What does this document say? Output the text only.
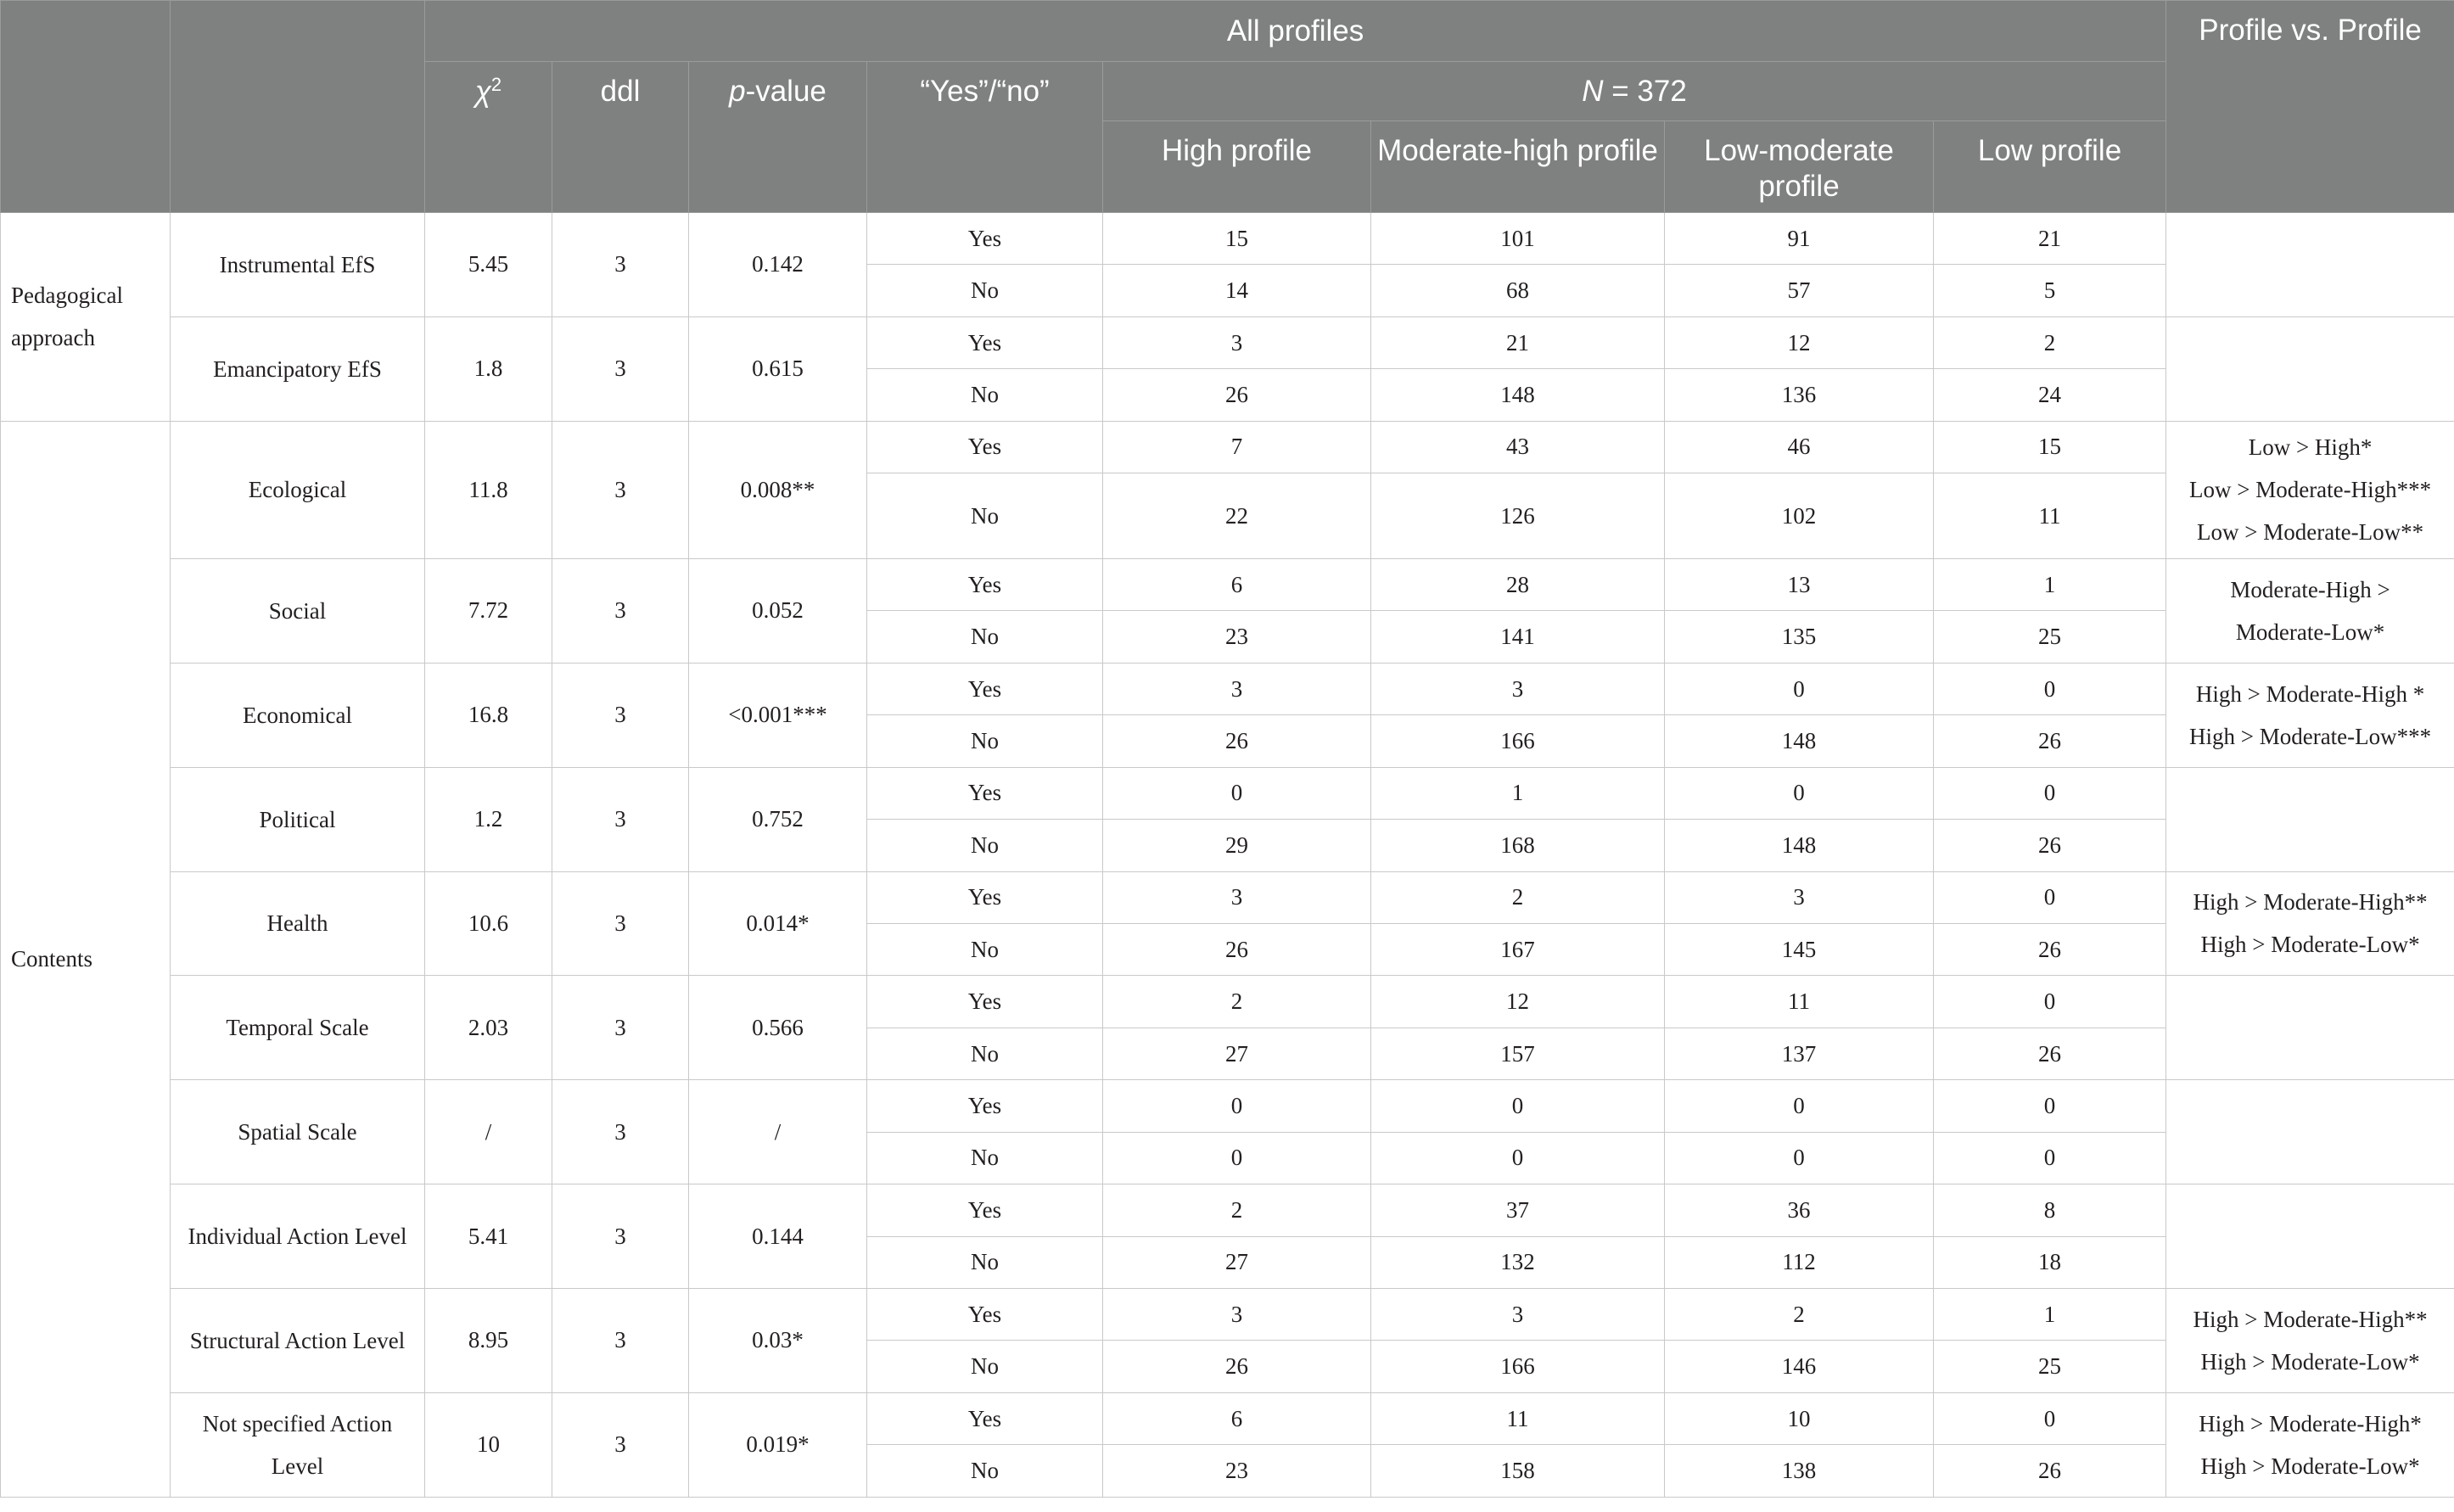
		All profiles								Profile vs. Profile
		$\chi^2$	ddl	p-value	“Yes”/“no”	N = 372				
						High profile	Moderate-high profile	Low-moderate profile	Low profile	
Pedagogical approach	Instrumental EfS	5.45	3	0.142	Yes	15	101	91	21	
					No	14	68	57	5	
	Emancipatory EfS	1.8	3	0.615	Yes	3	21	12	2	
					No	26	148	136	24	
Contents	Ecological	11.8	3	0.008**	Yes	7	43	46	15	Low > High*
Low > Moderate-High***
Low > Moderate-Low**

					No	22	126	102	11	
	Social	7.72	3	0.052	Yes	6	28	13	1	Moderate-High >
Moderate-Low*

					No	23	141	135	25	
	Economical	16.8	3	<0.001***	Yes	3	3	0	0	High > Moderate-High *
High > Moderate-Low***

					No	26	166	148	26	
	Political	1.2	3	0.752	Yes	0	1	0	0	
					No	29	168	148	26	
	Health	10.6	3	0.014*	Yes	3	2	3	0	High > Moderate-High**
High > Moderate-Low*

					No	26	167	145	26	
	Temporal Scale	2.03	3	0.566	Yes	2	12	11	0	
					No	27	157	137	26	
	Spatial Scale	/	3	/	Yes	0	0	0	0	
					No	0	0	0	0	
	Individual Action Level	5.41	3	0.144	Yes	2	37	36	8	
					No	27	132	112	18	
	Structural Action Level	8.95	3	0.03*	Yes	3	3	2	1	High > Moderate-High**
High > Moderate-Low*

					No	26	166	146	25	
	Not specified Action Level	10	3	0.019*	Yes	6	11	10	0	High > Moderate-High*
High > Moderate-Low*

					No	23	158	138	26	
